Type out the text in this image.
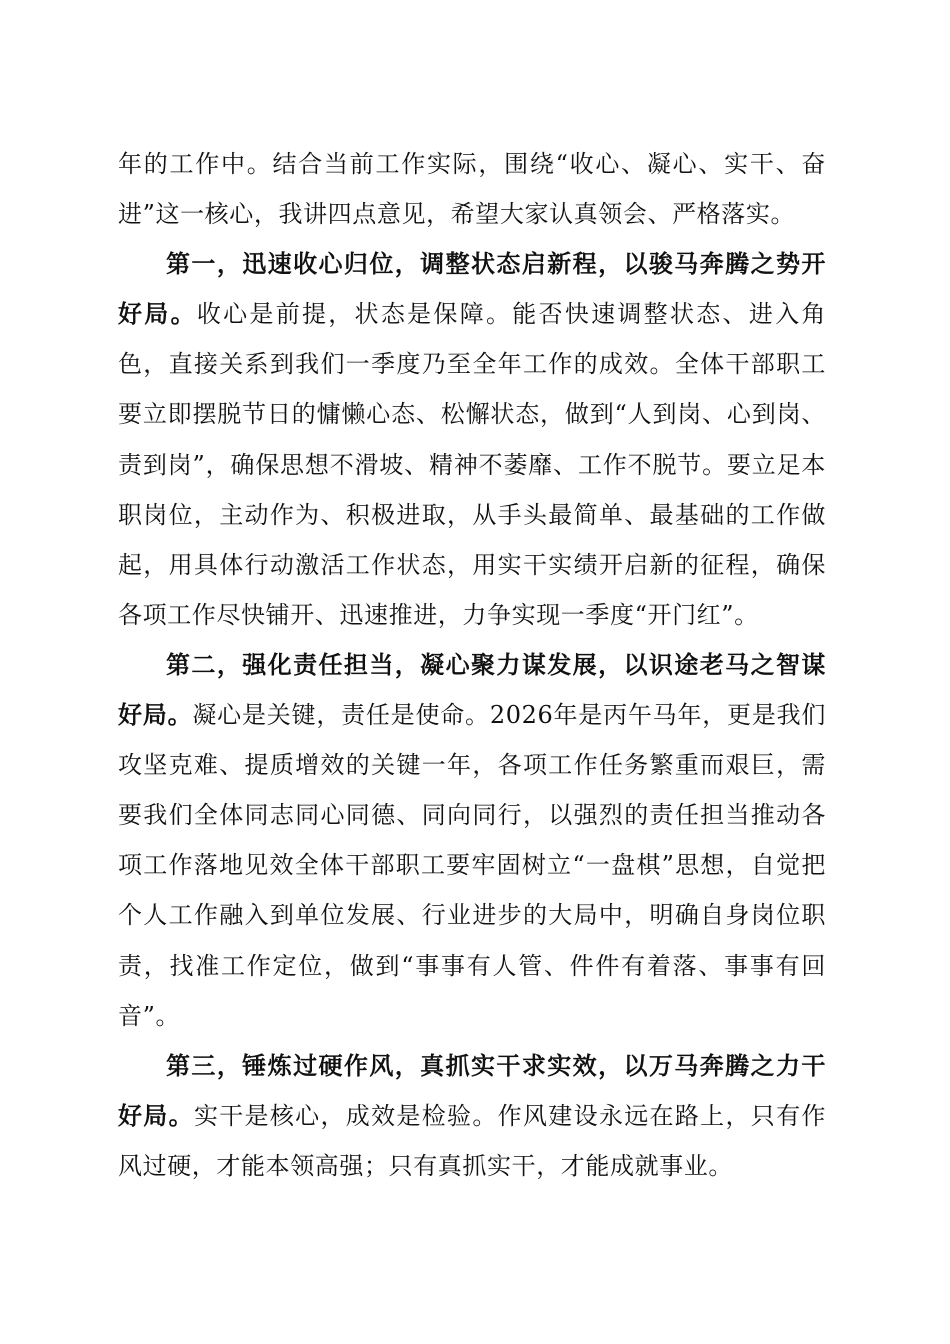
年的工作中。结合当前工作实际，围绕“收心、凝心、实干、奋进”这一核心，我讲四点意见，希望大家认真领会、严格落实。

第一，迅速收心归位，调整状态启新程，以骏马奔腾之势开好局。收心是前提，状态是保障。能否快速调整状态、进入角色，直接关系到我们一季度乃至全年工作的成效。全体干部职工要立即摆脱节日的慵懒心态、松懈状态，做到“人到岗、心到岗、责到岗”，确保思想不滑坡、精神不萎靡、工作不脱节。要立足本职岗位，主动作为、积极进取，从手头最简单、最基础的工作做起，用具体行动激活工作状态，用实干实绩开启新的征程，确保各项工作尽快铺开、迅速推进，力争实现一季度“开门红”。

第二，强化责任担当，凝心聚力谋发展，以识途老马之智谋好局。凝心是关键，责任是使命。2026年是丙午马年，更是我们攻坚克难、提质增效的关键一年，各项工作任务繁重而艰巨，需要我们全体同志同心同德、同向同行，以强烈的责任担当推动各项工作落地见效全体干部职工要牢固树立“一盘棋”思想，自觉把个人工作融入到单位发展、行业进步的大局中，明确自身岗位职责，找准工作定位，做到“事事有人管、件件有着落、事事有回音”。

第三，锤炼过硬作风，真抓实干求实效，以万马奔腾之力干好局。实干是核心，成效是检验。作风建设永远在路上，只有作风过硬，才能本领高强；只有真抓实干，才能成就事业。
